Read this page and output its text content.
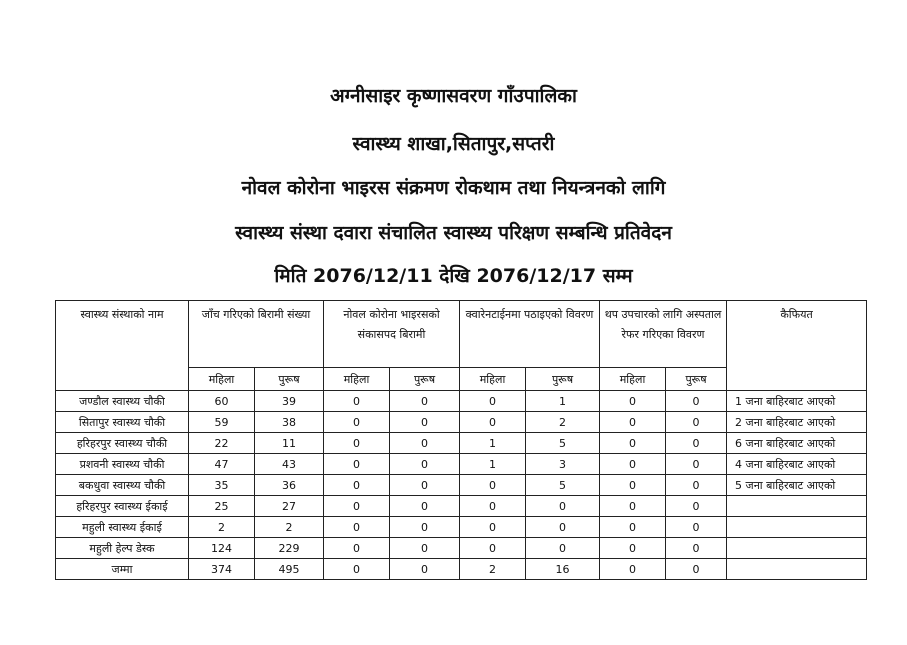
अग्नीसाइर कृष्णासवरण गाँउपालिका
स्वास्थ्य शाखा,सितापुर,सप्तरी
नोवल कोरोना भाइरस संक्रमण रोकथाम तथा नियन्त्रनको लागि
स्वास्थ्य संस्था दवारा संचालित स्वास्थ्य परिक्षण सम्बन्धि प्रतिवेदन
मिति 2076/12/11 देखि 2076/12/17 सम्म
स्वास्थ्य संस्थाको नाम	जाँच गरिएको बिरामी संख्या		नोवल कोरोना भाइरसको संकासपद बिरामी		क्वारेनटाईनमा पठाइएको विवरण		थप उपचारको लागि अस्पताल रेफर गरिएका विवरण		कैफियत
	महिला	पुरूष	महिला	पुरूष	महिला	पुरूष	महिला	पुरूष	
जण्डौल स्वास्थ्य चौकी	60	39	0	0	0	1	0	0	1 जना बाहिरबाट आएको
सितापुर स्वास्थ्य चौकी	59	38	0	0	0	2	0	0	2 जना बाहिरबाट आएको
हरिहरपुर स्वास्थ्य चौकी	22	11	0	0	1	5	0	0	6 जना बाहिरबाट आएको
प्रशवनी स्वास्थ्य चौकी	47	43	0	0	1	3	0	0	4 जना बाहिरबाट आएको
बकधुवा स्वास्थ्य चौकी	35	36	0	0	0	5	0	0	5 जना बाहिरबाट आएको
हरिहरपुर स्वास्थ्य ईकाई	25	27	0	0	0	0	0	0	
महुली स्वास्थ्य ईकाई	2	2	0	0	0	0	0	0	
महुली हेल्प डेस्क	124	229	0	0	0	0	0	0	
जम्मा	374	495	0	0	2	16	0	0	
